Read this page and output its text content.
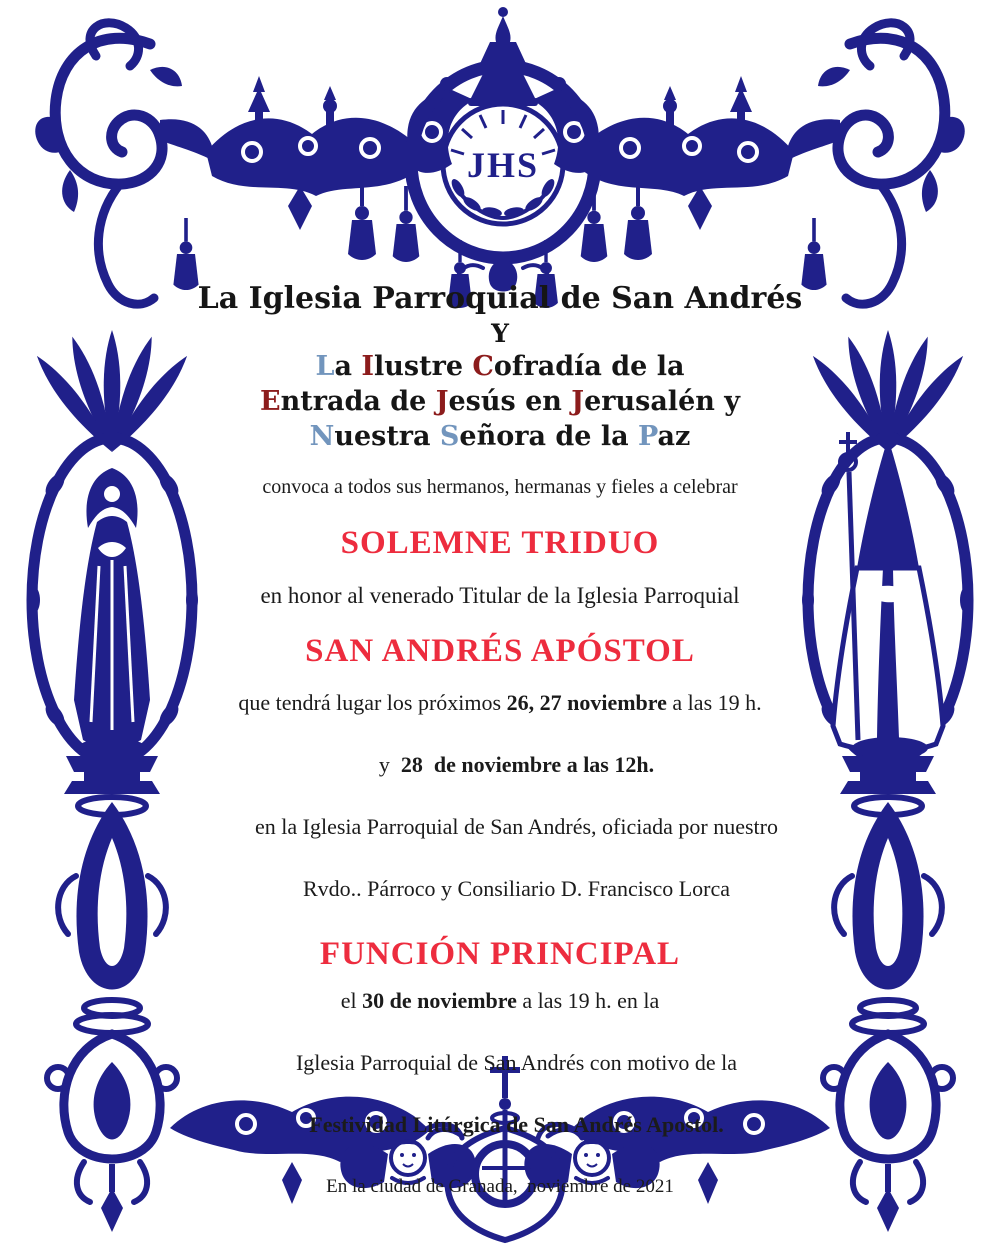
JHS
La Iglesia Parroquial de San Andrés
Y
La Ilustre Cofradía de la
Entrada de Jesús en Jerusalén y
Nuestra Señora de la Paz
convoca a todos sus hermanos, hermanas y fieles a celebrar
SOLEMNE TRIDUO
en honor al venerado Titular de la Iglesia Parroquial
SAN ANDRÉS APÓSTOL
que tendrá lugar los próximos 26, 27 noviembre a las 19 h.

y  28  de noviembre a las 12h.

en la Iglesia Parroquial de San Andrés, oficiada por nuestro

Rvdo.. Párroco y Consiliario D. Francisco Lorca
FUNCIÓN PRINCIPAL
el 30 de noviembre a las 19 h. en la

Iglesia Parroquial de San Andrés con motivo de la

Festividad Litúrgica de San Andrés Apostol.
En la ciudad de Granada,  noviembre de 2021
